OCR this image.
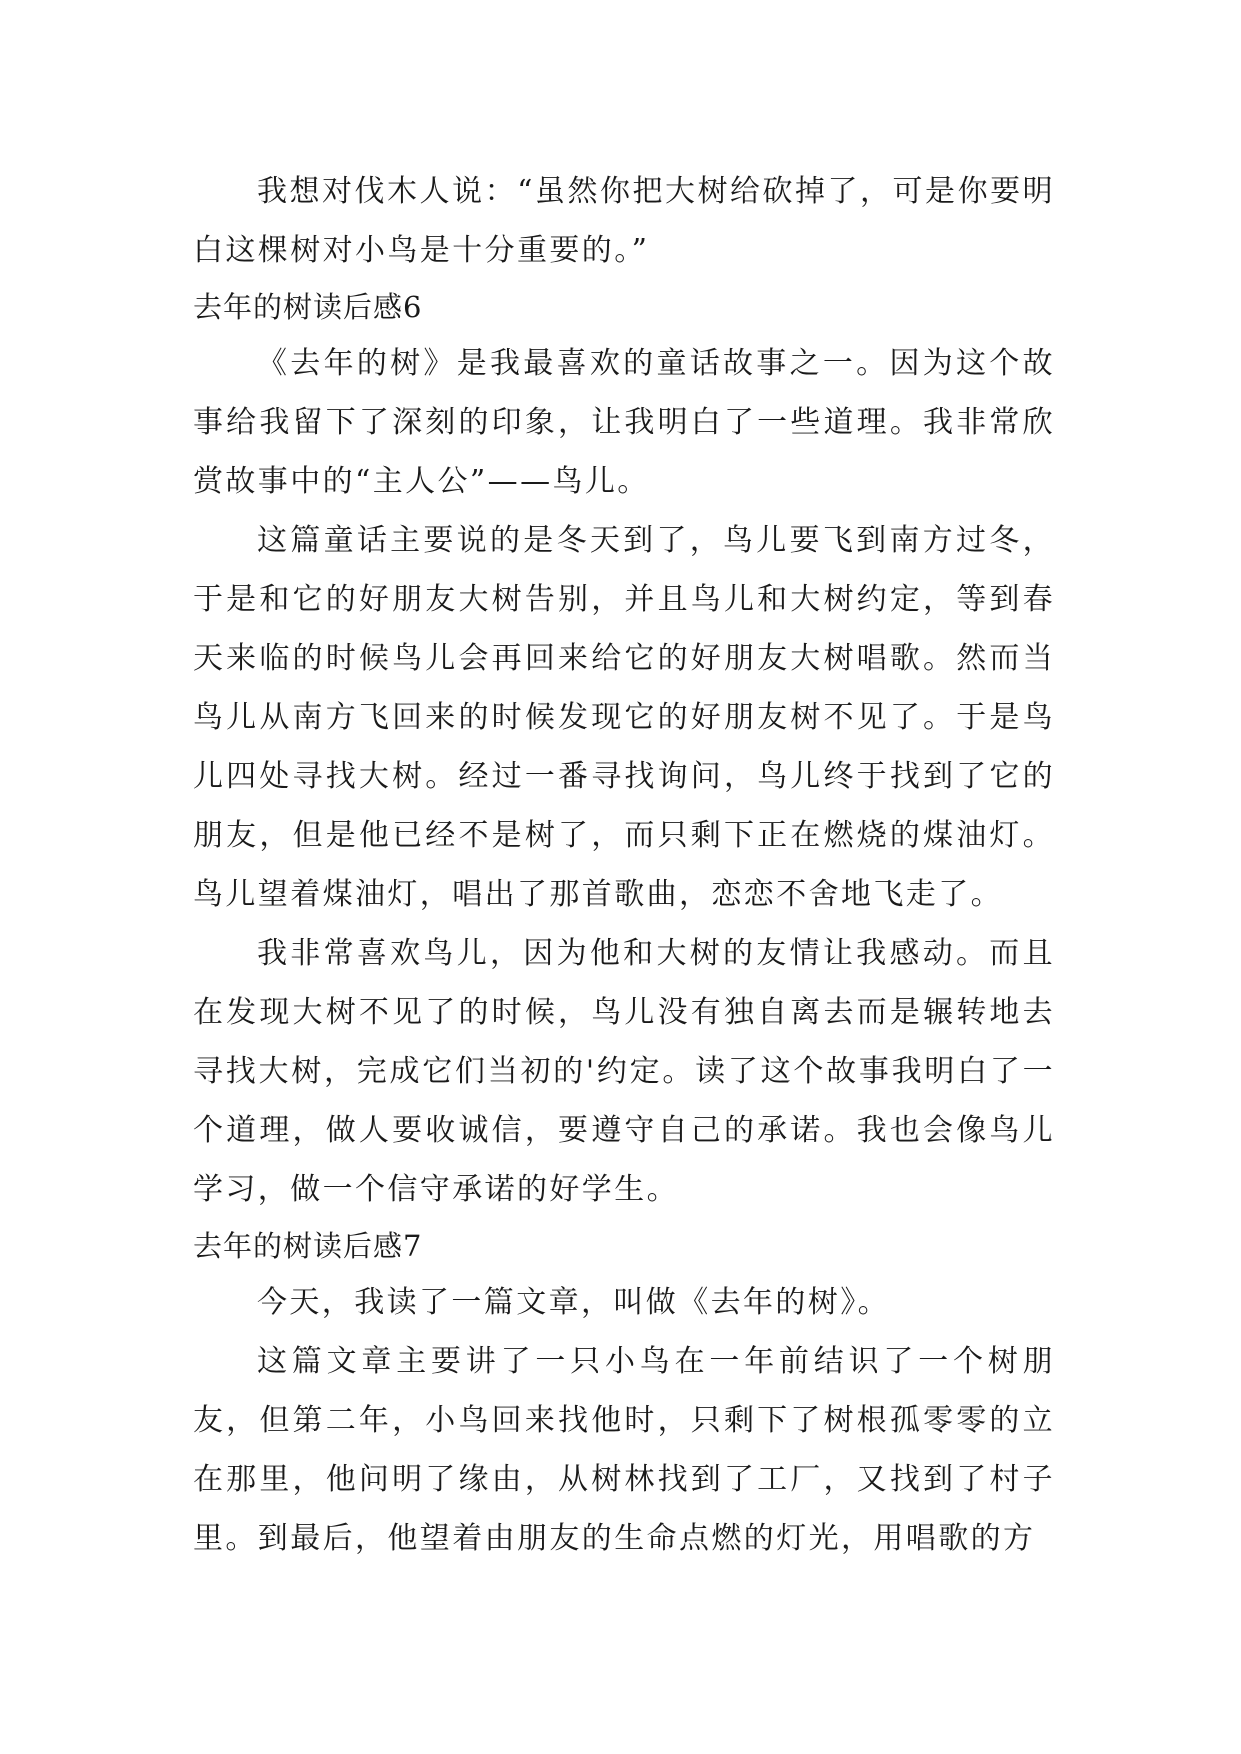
我想对伐木人说：“虽然你把大树给砍掉了，可是你要明白这棵树对小鸟是十分重要的。”

去年的树读后感6

《去年的树》是我最喜欢的童话故事之一。因为这个故事给我留下了深刻的印象，让我明白了一些道理。我非常欣赏故事中的“主人公”——鸟儿。

这篇童话主要说的是冬天到了，鸟儿要飞到南方过冬，于是和它的好朋友大树告别，并且鸟儿和大树约定，等到春天来临的时候鸟儿会再回来给它的好朋友大树唱歌。然而当鸟儿从南方飞回来的时候发现它的好朋友树不见了。于是鸟儿四处寻找大树。经过一番寻找询问，鸟儿终于找到了它的朋友，但是他已经不是树了，而只剩下正在燃烧的煤油灯。鸟儿望着煤油灯，唱出了那首歌曲，恋恋不舍地飞走了。

我非常喜欢鸟儿，因为他和大树的友情让我感动。而且在发现大树不见了的时候，鸟儿没有独自离去而是辗转地去寻找大树，完成它们当初的'约定。读了这个故事我明白了一个道理，做人要收诚信，要遵守自己的承诺。我也会像鸟儿学习，做一个信守承诺的好学生。

去年的树读后感7

今天，我读了一篇文章，叫做《去年的树》。

这篇文章主要讲了一只小鸟在一年前结识了一个树朋友，但第二年，小鸟回来找他时，只剩下了树根孤零零的立在那里，他问明了缘由，从树林找到了工厂，又找到了村子里。到最后，他望着由朋友的生命点燃的灯光，用唱歌的方
